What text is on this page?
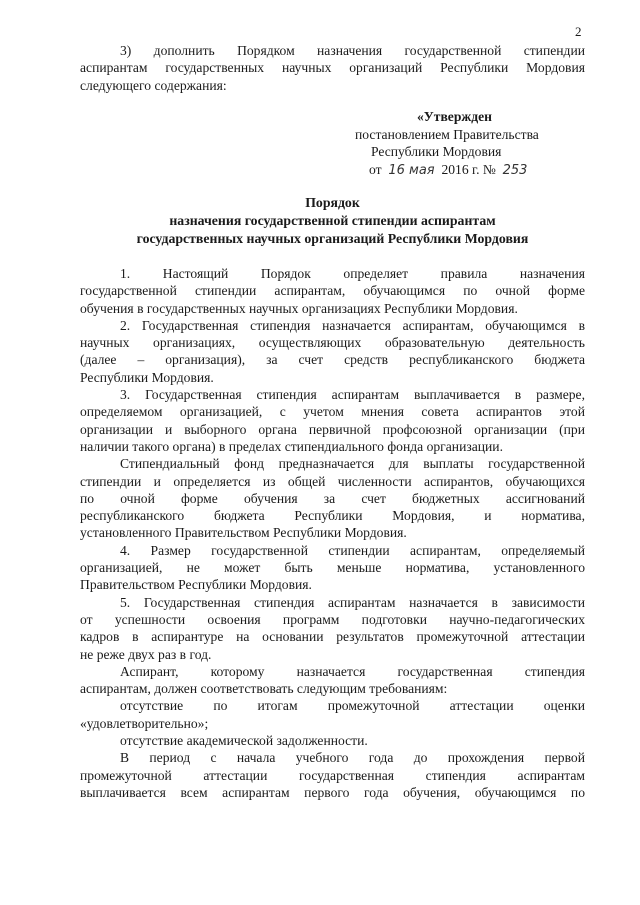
2
3) дополнить Порядком назначения государственной стипендии
аспирантам государственных научных организаций Республики Мордовия
следующего содержания:
«Утвержден
постановлением Правительства
Республики Мордовия
от 16 мая 2016 г. № 253
Порядок
назначения государственной стипендии аспирантам
государственных научных организаций Республики Мордовия
1. Настоящий Порядок определяет правила назначения
государственной стипендии аспирантам, обучающимся по очной форме
обучения в государственных научных организациях Республики Мордовия.
2. Государственная стипендия назначается аспирантам, обучающимся в
научных организациях, осуществляющих образовательную деятельность
(далее – организация), за счет средств республиканского бюджета
Республики Мордовия.
3. Государственная стипендия аспирантам выплачивается в размере,
определяемом организацией, с учетом мнения совета аспирантов этой
организации и выборного органа первичной профсоюзной организации (при
наличии такого органа) в пределах стипендиального фонда организации.
Стипендиальный фонд предназначается для выплаты государственной
стипендии и определяется из общей численности аспирантов, обучающихся
по очной форме обучения за счет бюджетных ассигнований
республиканского бюджета Республики Мордовия, и норматива,
установленного Правительством Республики Мордовия.
4. Размер государственной стипендии аспирантам, определяемый
организацией, не может быть меньше норматива, установленного
Правительством Республики Мордовия.
5. Государственная стипендия аспирантам назначается в зависимости
от успешности освоения программ подготовки научно-педагогических
кадров в аспирантуре на основании результатов промежуточной аттестации
не реже двух раз в год.
Аспирант, которому назначается государственная стипендия
аспирантам, должен соответствовать следующим требованиям:
отсутствие по итогам промежуточной аттестации оценки
«удовлетворительно»;
отсутствие академической задолженности.
В период с начала учебного года до прохождения первой
промежуточной аттестации государственная стипендия аспирантам
выплачивается всем аспирантам первого года обучения, обучающимся по
